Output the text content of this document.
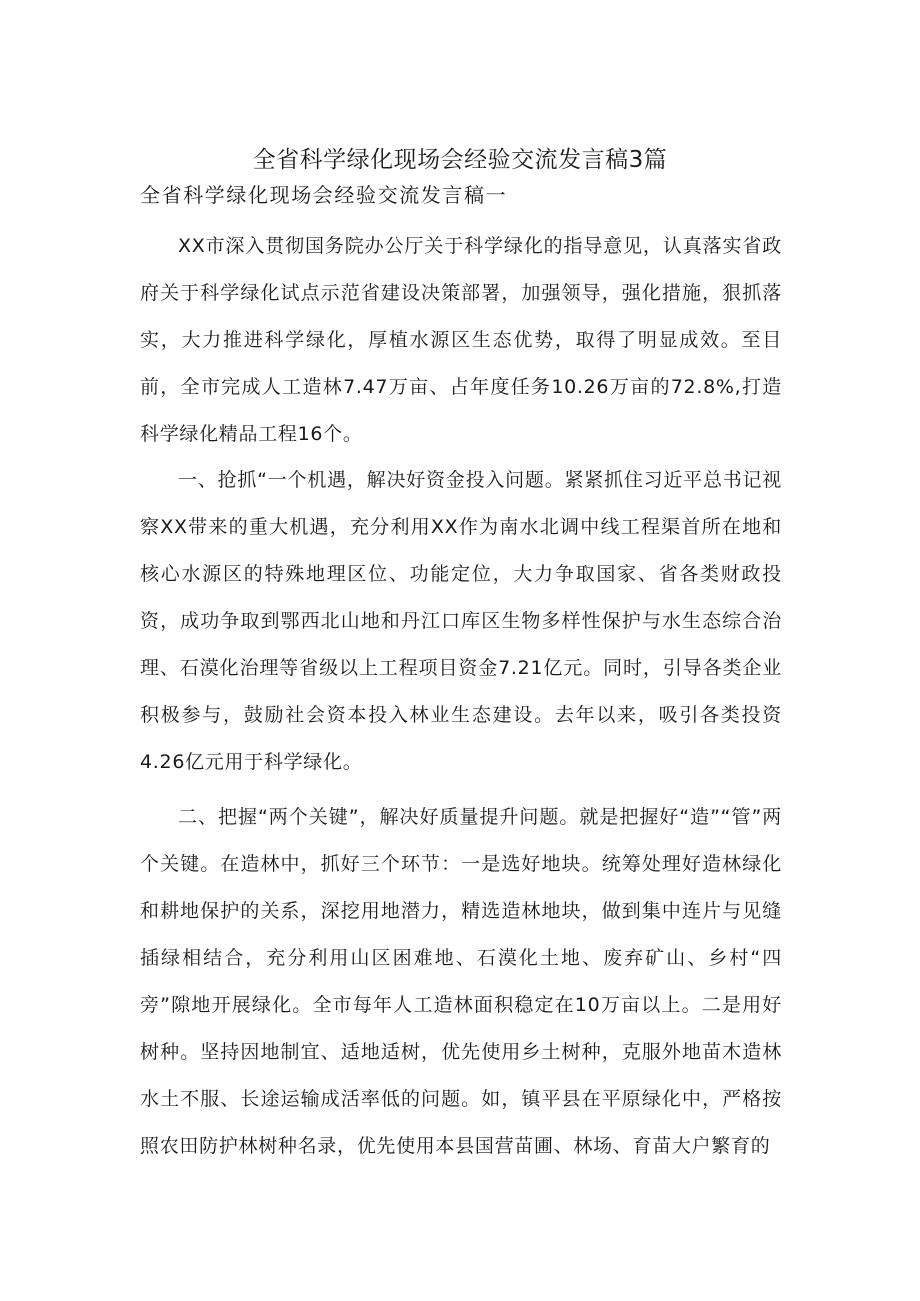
全省科学绿化现场会经验交流发言稿3篇
全省科学绿化现场会经验交流发言稿一

XX市深入贯彻国务院办公厅关于科学绿化的指导意见，认真落实省政府关于科学绿化试点示范省建设决策部署，加强领导，强化措施，狠抓落实，大力推进科学绿化，厚植水源区生态优势，取得了明显成效。至目前，全市完成人工造林7.47万亩、占年度任务10.26万亩的72.8%,打造科学绿化精品工程16个。

一、抢抓“一个机遇，解决好资金投入问题。紧紧抓住习近平总书记视察XX带来的重大机遇，充分利用XX作为南水北调中线工程渠首所在地和核心水源区的特殊地理区位、功能定位，大力争取国家、省各类财政投资，成功争取到鄂西北山地和丹江口库区生物多样性保护与水生态综合治理、石漠化治理等省级以上工程项目资金7.21亿元。同时，引导各类企业积极参与，鼓励社会资本投入林业生态建设。去年以来，吸引各类投资4.26亿元用于科学绿化。

二、把握“两个关键”，解决好质量提升问题。就是把握好“造”“管”两个关键。在造林中，抓好三个环节：一是选好地块。统筹处理好造林绿化和耕地保护的关系，深挖用地潜力，精选造林地块，做到集中连片与见缝插绿相结合，充分利用山区困难地、石漠化土地、废弃矿山、乡村“四旁”隙地开展绿化。全市每年人工造林面积稳定在10万亩以上。二是用好树种。坚持因地制宜、适地适树，优先使用乡土树种，克服外地苗木造林水土不服、长途运输成活率低的问题。如，镇平县在平原绿化中，严格按照农田防护林树种名录，优先使用本县国营苗圃、林场、育苗大户繁育的
